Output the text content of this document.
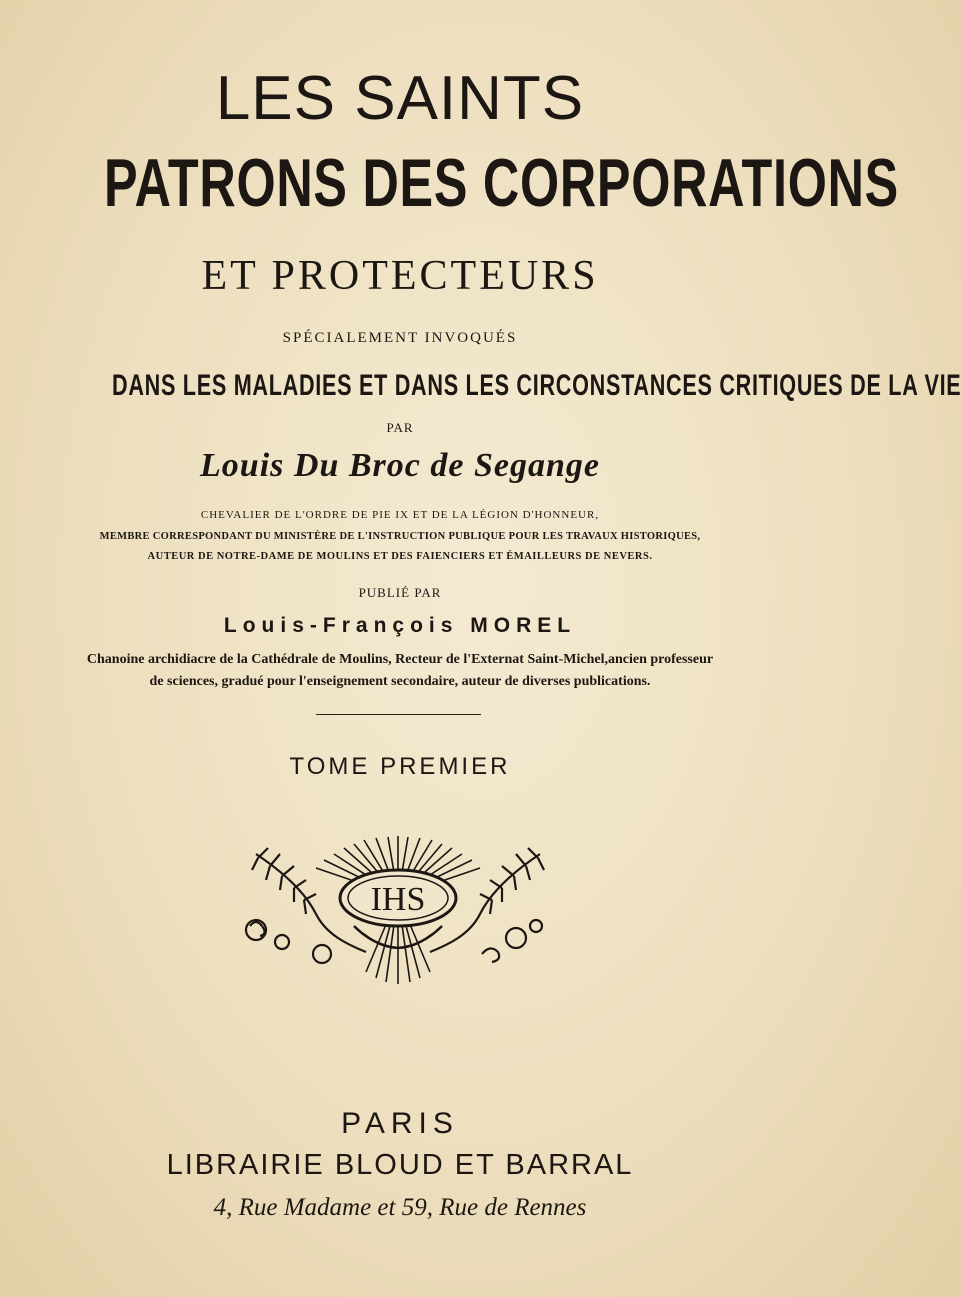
LES SAINTS
PATRONS DES CORPORATIONS
ET PROTECTEURS
SPÉCIALEMENT INVOQUÉS
DANS LES MALADIES ET DANS LES CIRCONSTANCES CRITIQUES DE LA VIE
PAR
Louis Du Broc de Segange
CHEVALIER DE L'ORDRE DE PIE IX ET DE LA LÉGION D'HONNEUR,
MEMBRE CORRESPONDANT DU MINISTÈRE DE L'INSTRUCTION PUBLIQUE POUR LES TRAVAUX HISTORIQUES,
AUTEUR DE NOTRE-DAME DE MOULINS ET DES FAIENCIERS ET ÉMAILLEURS DE NEVERS.
PUBLIÉ PAR
Louis-François MOREL
Chanoine archidiacre de la Cathédrale de Moulins, Recteur de l'Externat Saint-Michel,ancien professeur
de sciences, gradué pour l'enseignement secondaire, auteur de diverses publications.
TOME PREMIER
IHS
PARIS
LIBRAIRIE BLOUD ET BARRAL
4, Rue Madame et 59, Rue de Rennes
